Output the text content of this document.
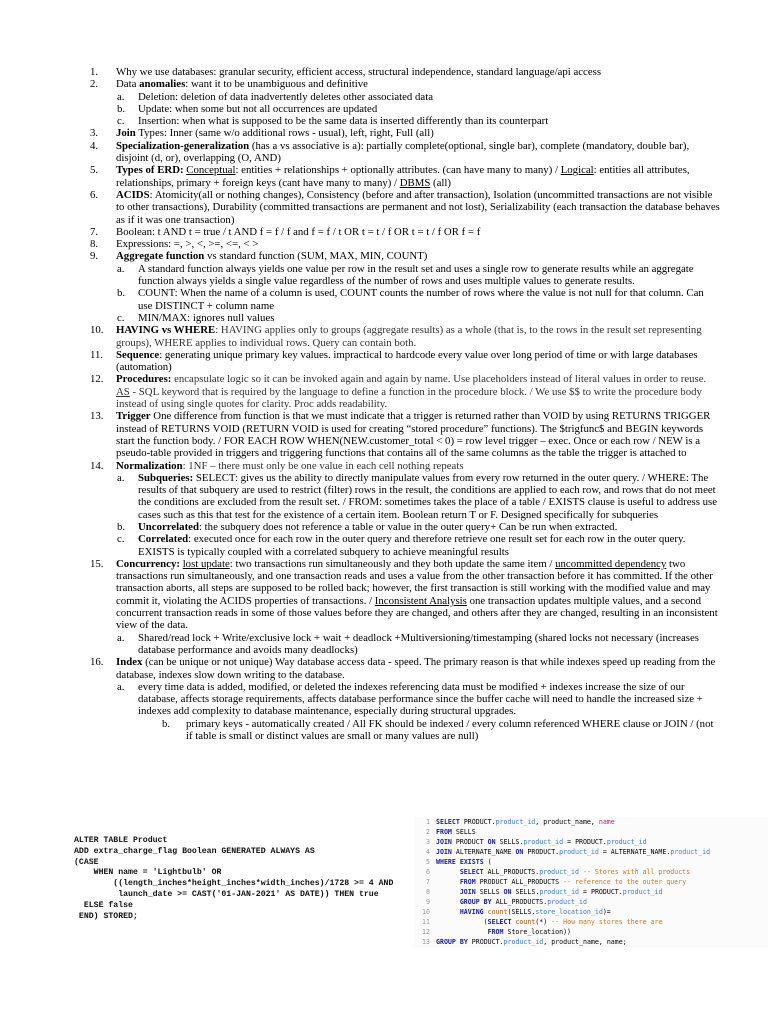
1. Why we use databases: granular security, efficient access, structural independence, standard language/api access
2. Data anomalies: want it to be unambiguous and definitive
a. Deletion: deletion of data inadvertently deletes other associated data
b. Update: when some but not all occurrences are updated
c. Insertion: when what is supposed to be the same data is inserted differently than its counterpart
3. Join Types: Inner (same w/o additional rows - usual), left, right, Full (all)
4. Specialization-generalization (has a vs associative is a): partially complete(optional, single bar), complete (mandatory, double bar), disjoint (d, or), overlapping (O, AND)
5. Types of ERD: Conceptual: entities + relationships + optionally attributes. (can have many to many) / Logical: entities all attributes, relationships, primary + foreign keys (cant have many to many) / DBMS (all)
6. ACIDS: Atomicity(all or nothing changes), Consistency (before and after transaction), Isolation (uncommitted transactions are not visible to other transactions), Durability (committed transactions are permanent and not lost), Serializability (each transaction the database behaves as if it was one transaction)
7. Boolean: t AND t = true / t AND f = f / f and f = f / t OR t = t / f OR t = t / f OR f = f
8. Expressions: =, >, <, >=, <=, < >
9. Aggregate function vs standard function (SUM, MAX, MIN, COUNT)
a. A standard function always yields one value per row in the result set and uses a single row to generate results while an aggregate function always yields a single value regardless of the number of rows and uses multiple values to generate results.
b. COUNT: When the name of a column is used, COUNT counts the number of rows where the value is not null for that column. Can use DISTINCT + column name
c. MIN/MAX: ignores null values
10. HAVING vs WHERE: HAVING applies only to groups (aggregate results) as a whole (that is, to the rows in the result set representing groups), WHERE applies to individual rows. Query can contain both.
11. Sequence: generating unique primary key values. impractical to hardcode every value over long period of time or with large databases (automation)
12. Procedures: encapsulate logic so it can be invoked again and again by name. Use placeholders instead of literal values in order to reuse. AS - SQL keyword that is required by the language to define a function in the procedure block. / We use $$ to write the procedure body instead of using single quotes for clarity. Proc adds readability.
13. Trigger One difference from function is that we must indicate that a trigger is returned rather than VOID by using RETURNS TRIGGER instead of RETURNS VOID (RETURN VOID is used for creating “stored procedure” functions). The $trigfunc$ and BEGIN keywords start the function body. / FOR EACH ROW WHEN(NEW.customer_total < 0) = row level trigger – exec. Once or each row / NEW is a pseudo-table provided in triggers and triggering functions that contains all of the same columns as the table the trigger is attached to
14. Normalization: 1NF – there must only be one value in each cell nothing repeats
a. Subqueries: SELECT: gives us the ability to directly manipulate values from every row returned in the outer query. / WHERE: The results of that subquery are used to restrict (filter) rows in the result, the conditions are applied to each row, and rows that do not meet the conditions are excluded from the result set. / FROM: sometimes takes the place of a table / EXISTS clause is useful to address use cases such as this that test for the existence of a certain item. Boolean return T or F. Designed specifically for subqueries
b. Uncorrelated: the subquery does not reference a table or value in the outer query+ Can be run when extracted.
c. Correlated: executed once for each row in the outer query and therefore retrieve one result set for each row in the outer query. EXISTS is typically coupled with a correlated subquery to achieve meaningful results
15. Concurrency: lost update: two transactions run simultaneously and they both update the same item / uncommitted dependency two transactions run simultaneously, and one transaction reads and uses a value from the other transaction before it has committed. If the other transaction aborts, all steps are supposed to be rolled back; however, the first transaction is still working with the modified value and may commit it, violating the ACIDS properties of transactions. / Inconsistent Analysis one transaction updates multiple values, and a second concurrent transaction reads in some of those values before they are changed, and others after they are changed, resulting in an inconsistent view of the data.
a. Shared/read lock + Write/exclusive lock + wait + deadlock +Multiversioning/timestamping (shared locks not necessary (increases database performance and avoids many deadlocks)
16. Index (can be unique or not unique) Way database access data - speed. The primary reason is that while indexes speed up reading from the database, indexes slow down writing to the database.
a. every time data is added, modified, or deleted the indexes referencing data must be modified + indexes increase the size of our database, affects storage requirements, affects database performance since the buffer cache will need to handle the increased size + indexes add complexity to database maintenance, especially during structural upgrades.
b. primary keys - automatically created / All FK should be indexed / every column referenced WHERE clause or JOIN / (not if table is small or distinct values are small or many values are null)
ALTER TABLE Product
ADD extra_charge_flag Boolean GENERATED ALWAYS AS
(CASE
WHEN name = 'Lightbulb' OR
((length_inches*height_inches*width_inches)/1728 >= 4 AND
launch_date >= CAST('01-JAN-2021' AS DATE)) THEN true
ELSE false
END) STORED;
1 SELECT PRODUCT.product_id, product_name, name
2 FROM SELLS
3 JOIN PRODUCT ON SELLS.product_id = PRODUCT.product_id
4 JOIN ALTERNATE_NAME ON PRODUCT.product_id = ALTERNATE_NAME.product_id
5 WHERE EXISTS (
6	SELECT ALL_PRODUCTS.product_id -- Stores with all products
7	FROM PRODUCT ALL_PRODUCTS -- reference to the outer query
8	JOIN SELLS ON SELLS.product_id = PRODUCT.product_id
9	GROUP BY ALL_PRODUCTS.product_id
10	HAVING count(SELLS.store_location_id)=
11	(SELECT count(*) -- How many stores there are
12	FROM Store_location))
13 GROUP BY PRODUCT.product_id, product_name, name;
